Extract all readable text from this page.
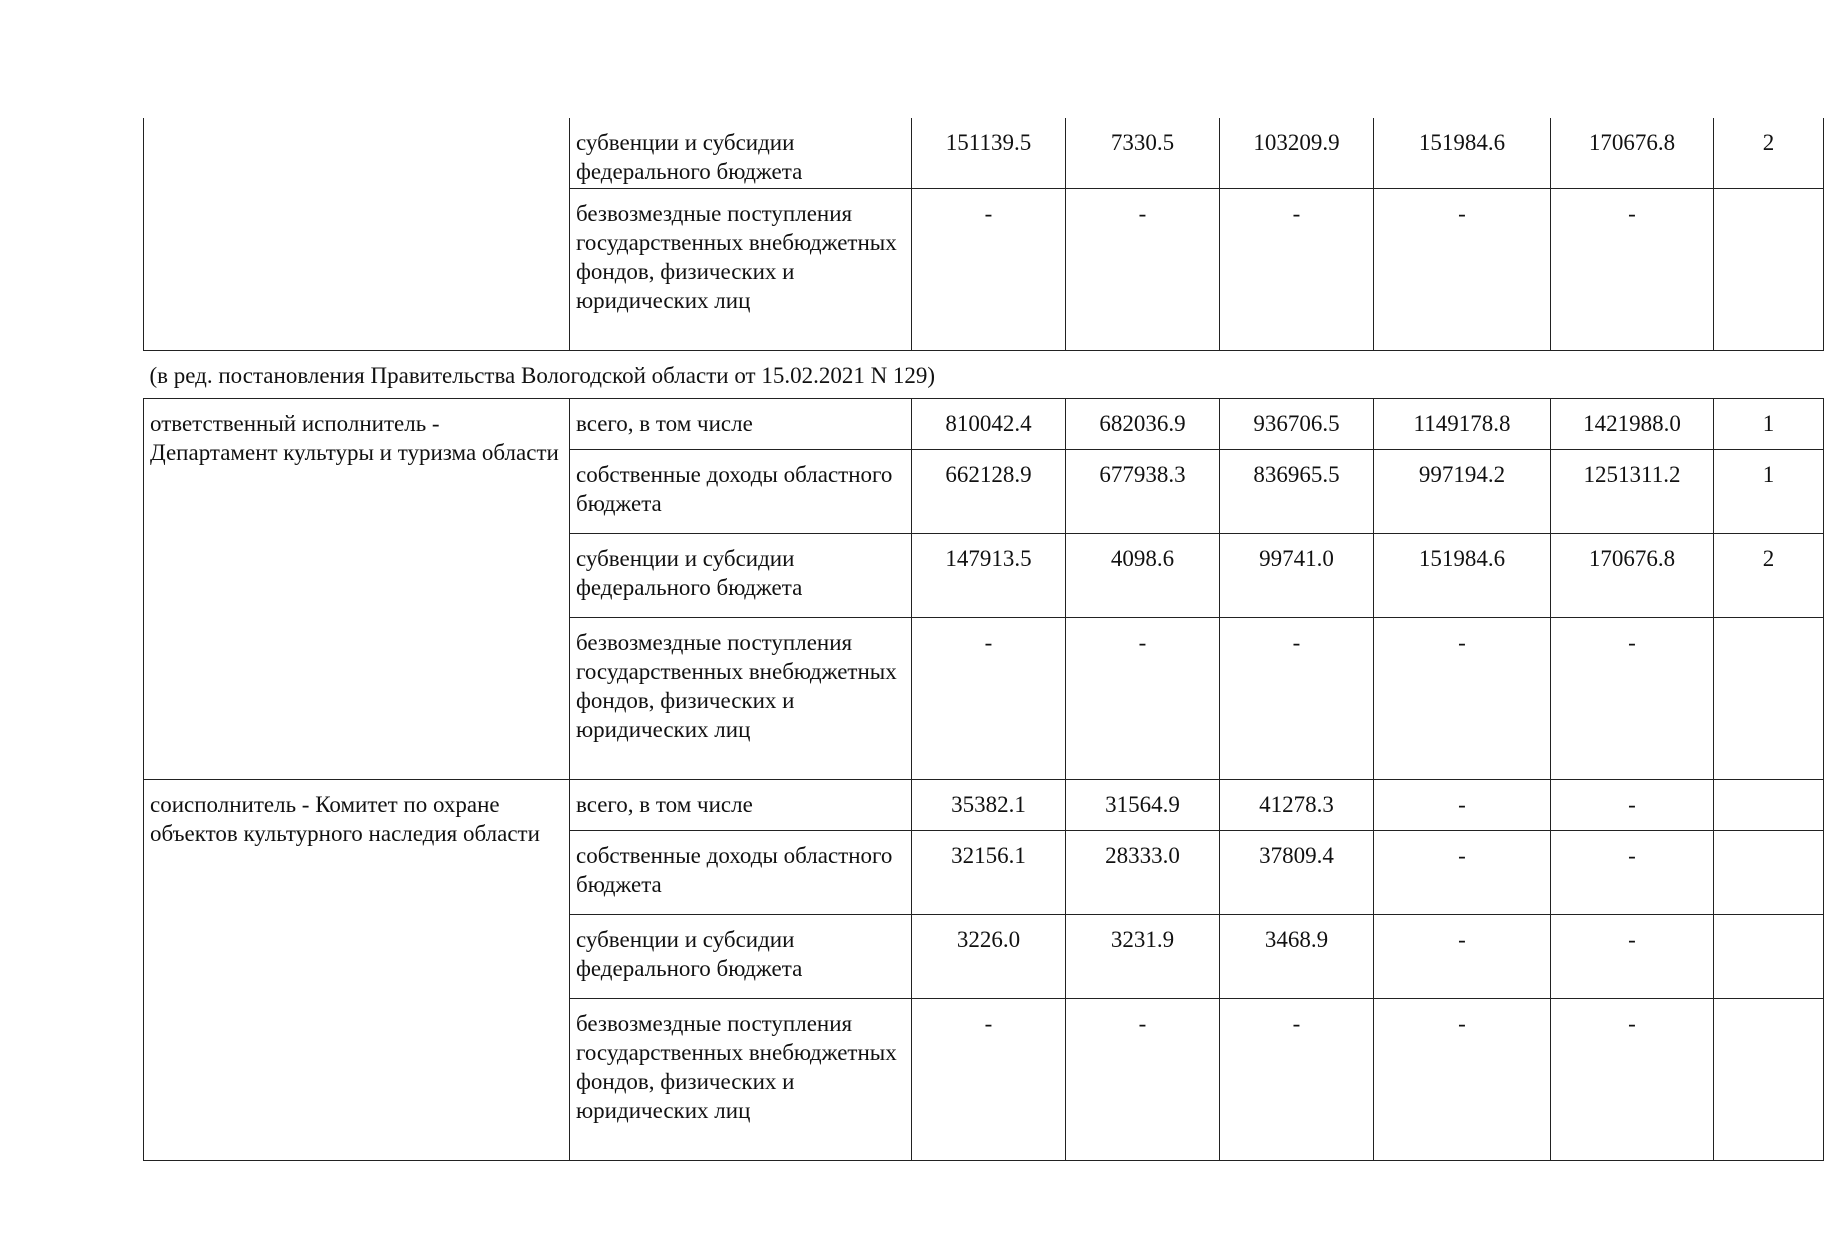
	субвенции и субсидии федерального бюджета	151139.5	7330.5	103209.9	151984.6	170676.8	2
	безвозмездные поступления государственных внебюджетных фондов, физических и юридических лиц	-	-	-	-	-	
(в ред. постановления Правительства Вологодской области от 15.02.2021 N 129)							
ответственный исполнитель - Департамент культуры и туризма области	всего, в том числе	810042.4	682036.9	936706.5	1149178.8	1421988.0	1
	собственные доходы областного бюджета	662128.9	677938.3	836965.5	997194.2	1251311.2	1
	субвенции и субсидии федерального бюджета	147913.5	4098.6	99741.0	151984.6	170676.8	2
	безвозмездные поступления государственных внебюджетных фондов, физических и юридических лиц	-	-	-	-	-	
соисполнитель - Комитет по охране объектов культурного наследия области	всего, в том числе	35382.1	31564.9	41278.3	-	-	
	собственные доходы областного бюджета	32156.1	28333.0	37809.4	-	-	
	субвенции и субсидии федерального бюджета	3226.0	3231.9	3468.9	-	-	
	безвозмездные поступления государственных внебюджетных фондов, физических и юридических лиц	-	-	-	-	-	
